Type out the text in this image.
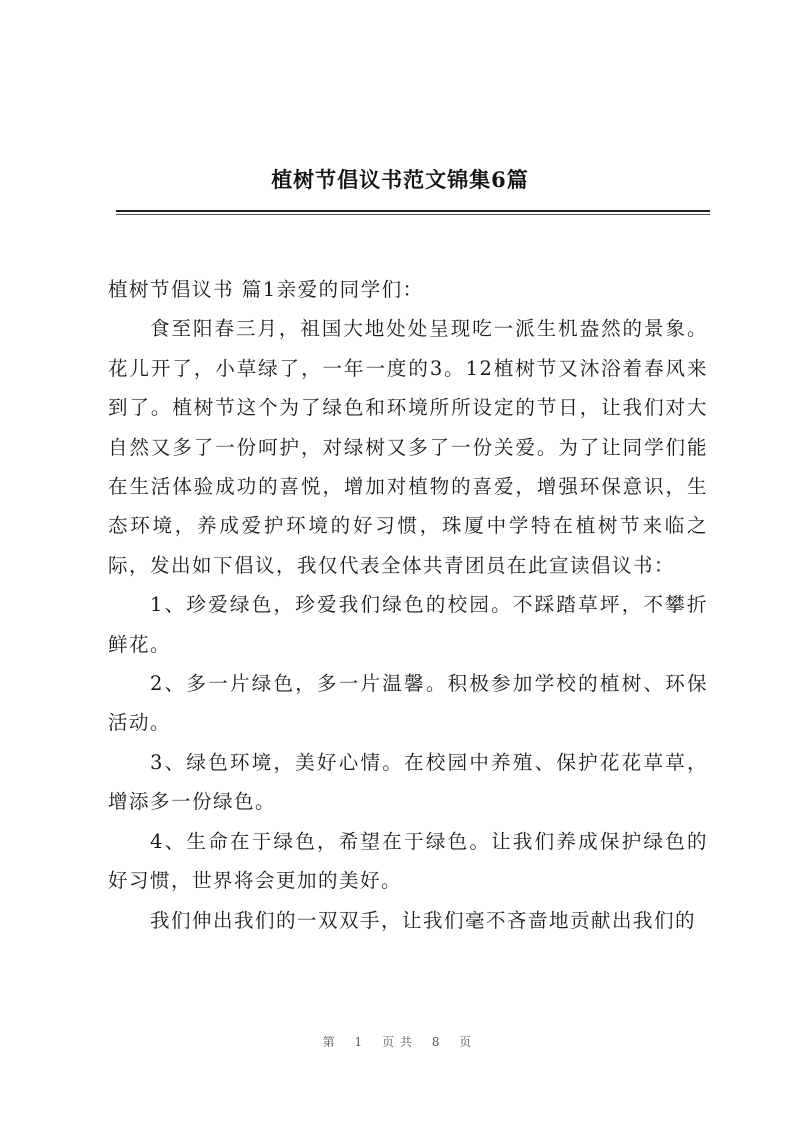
植树节倡议书范文锦集6篇

植树节倡议书 篇1亲爱的同学们：

食至阳春三月，祖国大地处处呈现吃一派生机盎然的景象。花儿开了，小草绿了，一年一度的3。12植树节又沐浴着春风来到了。植树节这个为了绿色和环境所所设定的节日，让我们对大自然又多了一份呵护，对绿树又多了一份关爱。为了让同学们能在生活体验成功的喜悦，增加对植物的喜爱，增强环保意识，生态环境，养成爱护环境的好习惯，珠厦中学特在植树节来临之际，发出如下倡议，我仅代表全体共青团员在此宣读倡议书：

1、珍爱绿色，珍爱我们绿色的校园。不踩踏草坪，不攀折鲜花。

2、多一片绿色，多一片温馨。积极参加学校的植树、环保活动。

3、绿色环境，美好心情。在校园中养殖、保护花花草草，增添多一份绿色。

4、生命在于绿色，希望在于绿色。让我们养成保护绿色的好习惯，世界将会更加的美好。

我们伸出我们的一双双手，让我们毫不吝啬地贡献出我们的

第 1 页共 8 页
